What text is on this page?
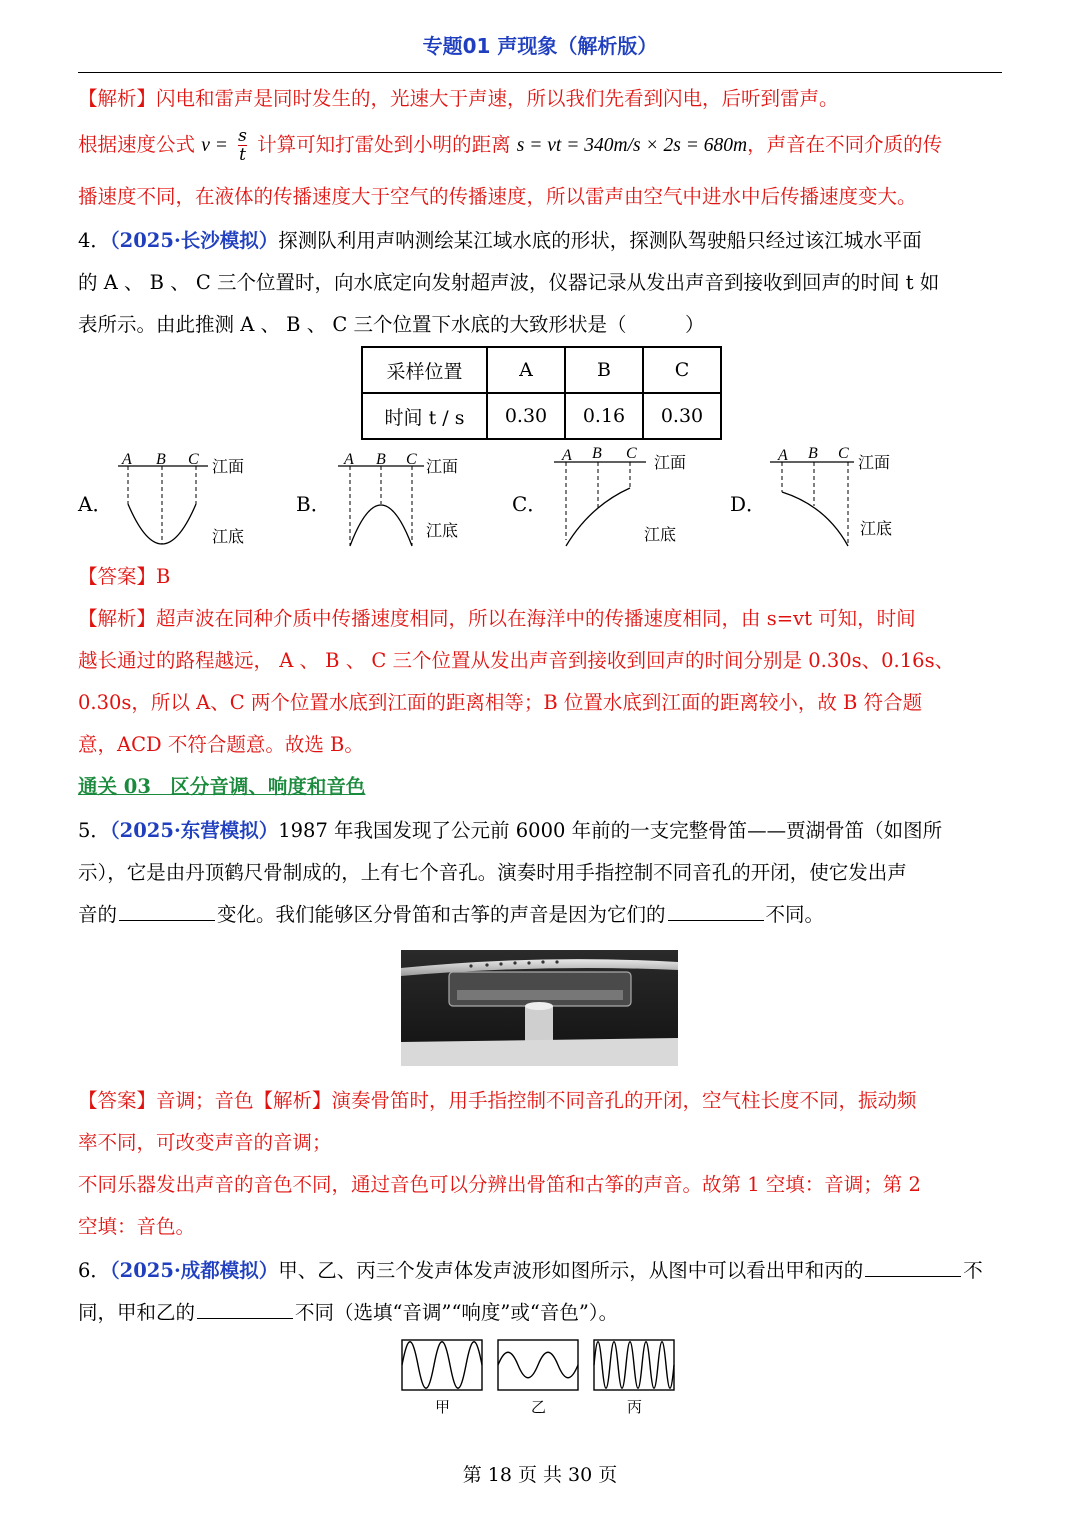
专题01 声现象（解析版）
【解析】闪电和雷声是同时发生的，光速大于声速，所以我们先看到闪电，后听到雷声。
根据速度公式 $v = \frac{s}{t}$ 计算可知打雷处到小明的距离 s = vt = 340m/s × 2s = 680m，声音在不同介质的传
播速度不同，在液体的传播速度大于空气的传播速度，所以雷声由空气中进水中后传播速度变大。
4．（2025·长沙模拟）探测队利用声呐测绘某江域水底的形状，探测队驾驶船只经过该江城水平面
的 A 、 B 、 C 三个位置时，向水底定向发射超声波，仪器记录从发出声音到接收到回声的时间 t 如
表所示。由此推测 A 、 B 、 C 三个位置下水底的大致形状是（　　　）
采样位置	A	B	C
时间 t / s	0.30	0.16	0.30
A．
A B C 江面
江底
B．
A B C 江面
江底
C．
A B C 江面
江底
D．
A B C 江面
江底
【答案】B
【解析】超声波在同种介质中传播速度相同，所以在海洋中的传播速度相同，由 s=vt 可知，时间
越长通过的路程越远， A 、 B 、 C 三个位置从发出声音到接收到回声的时间分别是 0.30s、0.16s、
0.30s，所以 A、C 两个位置水底到江面的距离相等；B 位置水底到江面的距离较小，故 B 符合题
意，ACD 不符合题意。故选 B。
通关 03　区分音调、响度和音色
5．（2025·东营模拟）1987 年我国发现了公元前 6000 年前的一支完整骨笛——贾湖骨笛（如图所
示），它是由丹顶鹤尺骨制成的，上有七个音孔。演奏时用手指控制不同音孔的开闭，使它发出声
音的	变化。我们能够区分骨笛和古筝的声音是因为它们的	不同。
【答案】音调；音色【解析】演奏骨笛时，用手指控制不同音孔的开闭，空气柱长度不同，振动频
率不同，可改变声音的音调；
不同乐器发出声音的音色不同，通过音色可以分辨出骨笛和古筝的声音。故第 1 空填：音调；第 2
空填：音色。
6．（2025·成都模拟）甲、乙、丙三个发声体发声波形如图所示，从图中可以看出甲和丙的	不
同，甲和乙的	不同（选填“音调”“响度”或“音色”）。
甲	乙	丙
第 18 页 共 30 页
